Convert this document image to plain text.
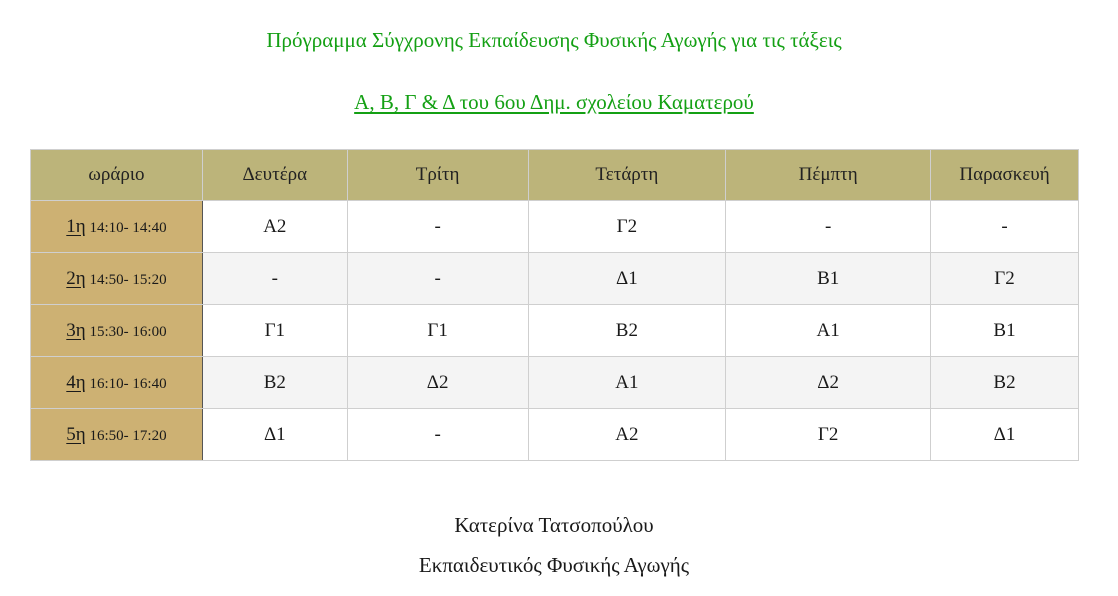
Πρόγραμμα Σύγχρονης Εκπαίδευσης Φυσικής Αγωγής για τις τάξεις
Α, Β, Γ & Δ του 6ου Δημ. σχολείου Καματερού
ωράριο	Δευτέρα	Τρίτη	Τετάρτη	Πέμπτη	Παρασκευή
1η 14:10- 14:40	Α2	-	Γ2	-	-
2η 14:50- 15:20	-	-	Δ1	Β1	Γ2
3η 15:30- 16:00	Γ1	Γ1	Β2	Α1	Β1
4η 16:10- 16:40	Β2	Δ2	Α1	Δ2	Β2
5η 16:50- 17:20	Δ1	-	Α2	Γ2	Δ1
Κατερίνα Τατσοπούλου
Εκπαιδευτικός Φυσικής Αγωγής
